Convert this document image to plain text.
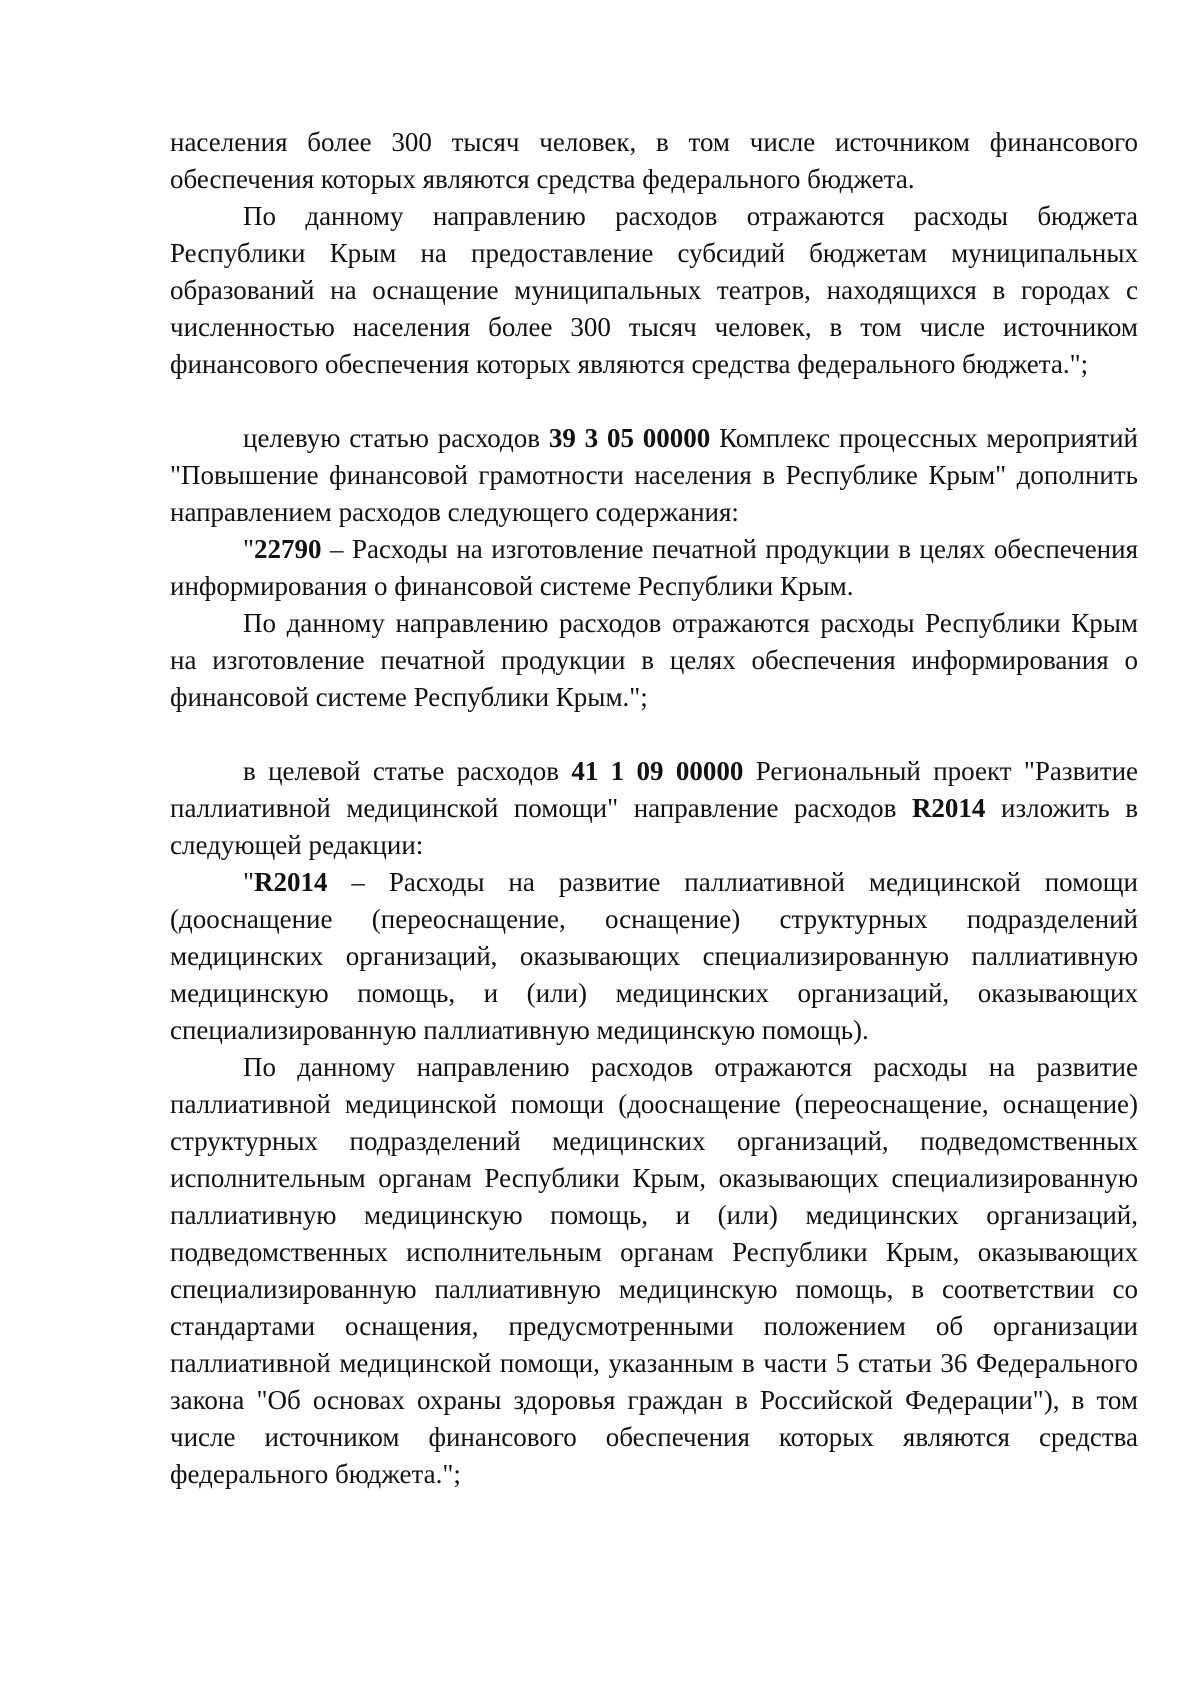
населения более 300 тысяч человек, в том числе источником финансового обеспечения которых являются средства федерального бюджета.

По данному направлению расходов отражаются расходы бюджета Республики Крым на предоставление субсидий бюджетам муниципальных образований на оснащение муниципальных театров, находящихся в городах с численностью населения более 300 тысяч человек, в том числе источником финансового обеспечения которых являются средства федерального бюджета.";

целевую статью расходов 39 3 05 00000 Комплекс процессных мероприятий "Повышение финансовой грамотности населения в Республике Крым" дополнить направлением расходов следующего содержания:

"22790 – Расходы на изготовление печатной продукции в целях обеспечения информирования о финансовой системе Республики Крым.

По данному направлению расходов отражаются расходы Республики Крым на изготовление печатной продукции в целях обеспечения информирования о финансовой системе Республики Крым.";

в целевой статье расходов 41 1 09 00000 Региональный проект "Развитие паллиативной медицинской помощи" направление расходов R2014 изложить в следующей редакции:

"R2014 – Расходы на развитие паллиативной медицинской помощи (дооснащение (переоснащение, оснащение) структурных подразделений медицинских организаций, оказывающих специализированную паллиативную медицинскую помощь, и (или) медицинских организаций, оказывающих специализированную паллиативную медицинскую помощь).

По данному направлению расходов отражаются расходы на развитие паллиативной медицинской помощи (дооснащение (переоснащение, оснащение) структурных подразделений медицинских организаций, подведомственных исполнительным органам Республики Крым, оказывающих специализированную паллиативную медицинскую помощь, и (или) медицинских организаций, подведомственных исполнительным органам Республики Крым, оказывающих специализированную паллиативную медицинскую помощь, в соответствии со стандартами оснащения, предусмотренными положением об организации паллиативной медицинской помощи, указанным в части 5 статьи 36 Федерального закона "Об основах охраны здоровья граждан в Российской Федерации"), в том числе источником финансового обеспечения которых являются средства федерального бюджета.";
